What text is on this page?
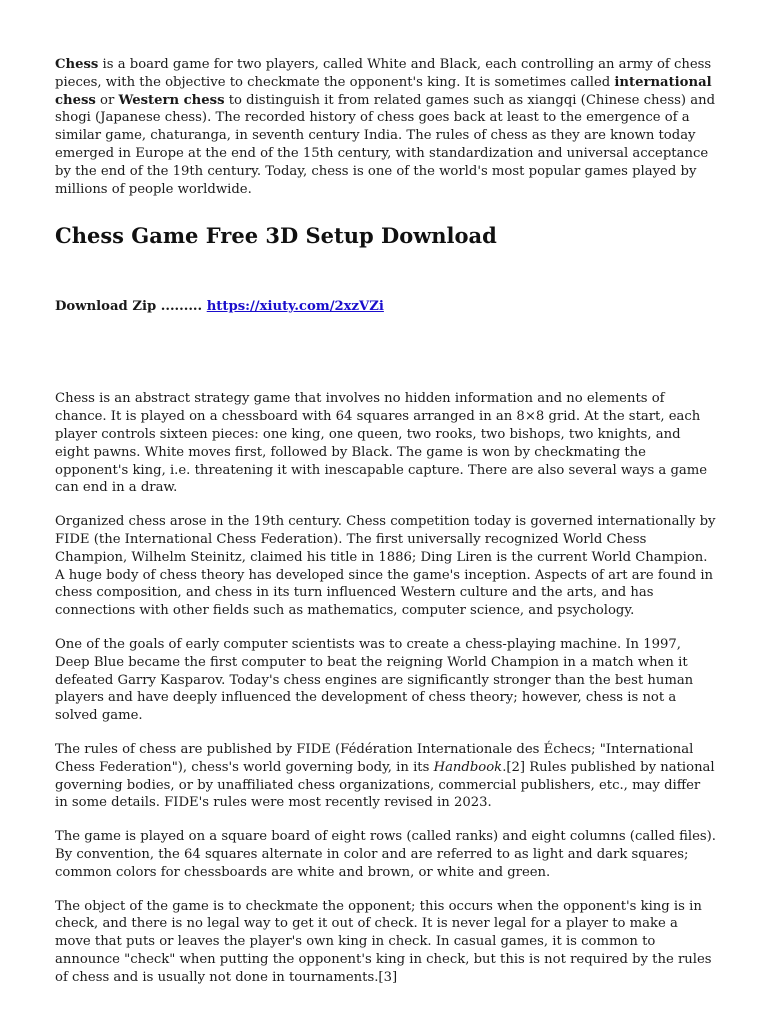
Chess is a board game for two players, called White and Black, each controlling an army of chess pieces, with the objective to checkmate the opponent's king. It is sometimes called international chess or Western chess to distinguish it from related games such as xiangqi (Chinese chess) and shogi (Japanese chess). The recorded history of chess goes back at least to the emergence of a similar game, chaturanga, in seventh century India. The rules of chess as they are known today emerged in Europe at the end of the 15th century, with standardization and universal acceptance by the end of the 19th century. Today, chess is one of the world's most popular games played by millions of people worldwide.

Chess Game Free 3D Setup Download
Download Zip ......... https://xiuty.com/2xzVZi

Chess is an abstract strategy game that involves no hidden information and no elements of chance. It is played on a chessboard with 64 squares arranged in an 8×8 grid. At the start, each player controls sixteen pieces: one king, one queen, two rooks, two bishops, two knights, and eight pawns. White moves first, followed by Black. The game is won by checkmating the opponent's king, i.e. threatening it with inescapable capture. There are also several ways a game can end in a draw.

Organized chess arose in the 19th century. Chess competition today is governed internationally by FIDE (the International Chess Federation). The first universally recognized World Chess Champion, Wilhelm Steinitz, claimed his title in 1886; Ding Liren is the current World Champion. A huge body of chess theory has developed since the game's inception. Aspects of art are found in chess composition, and chess in its turn influenced Western culture and the arts, and has connections with other fields such as mathematics, computer science, and psychology.

One of the goals of early computer scientists was to create a chess-playing machine. In 1997, Deep Blue became the first computer to beat the reigning World Champion in a match when it defeated Garry Kasparov. Today's chess engines are significantly stronger than the best human players and have deeply influenced the development of chess theory; however, chess is not a solved game.

The rules of chess are published by FIDE (Fédération Internationale des Échecs; "International Chess Federation"), chess's world governing body, in its Handbook.[2] Rules published by national governing bodies, or by unaffiliated chess organizations, commercial publishers, etc., may differ in some details. FIDE's rules were most recently revised in 2023.

The game is played on a square board of eight rows (called ranks) and eight columns (called files). By convention, the 64 squares alternate in color and are referred to as light and dark squares; common colors for chessboards are white and brown, or white and green.

The object of the game is to checkmate the opponent; this occurs when the opponent's king is in check, and there is no legal way to get it out of check. It is never legal for a player to make a move that puts or leaves the player's own king in check. In casual games, it is common to announce "check" when putting the opponent's king in check, but this is not required by the rules of chess and is usually not done in tournaments.[3]
